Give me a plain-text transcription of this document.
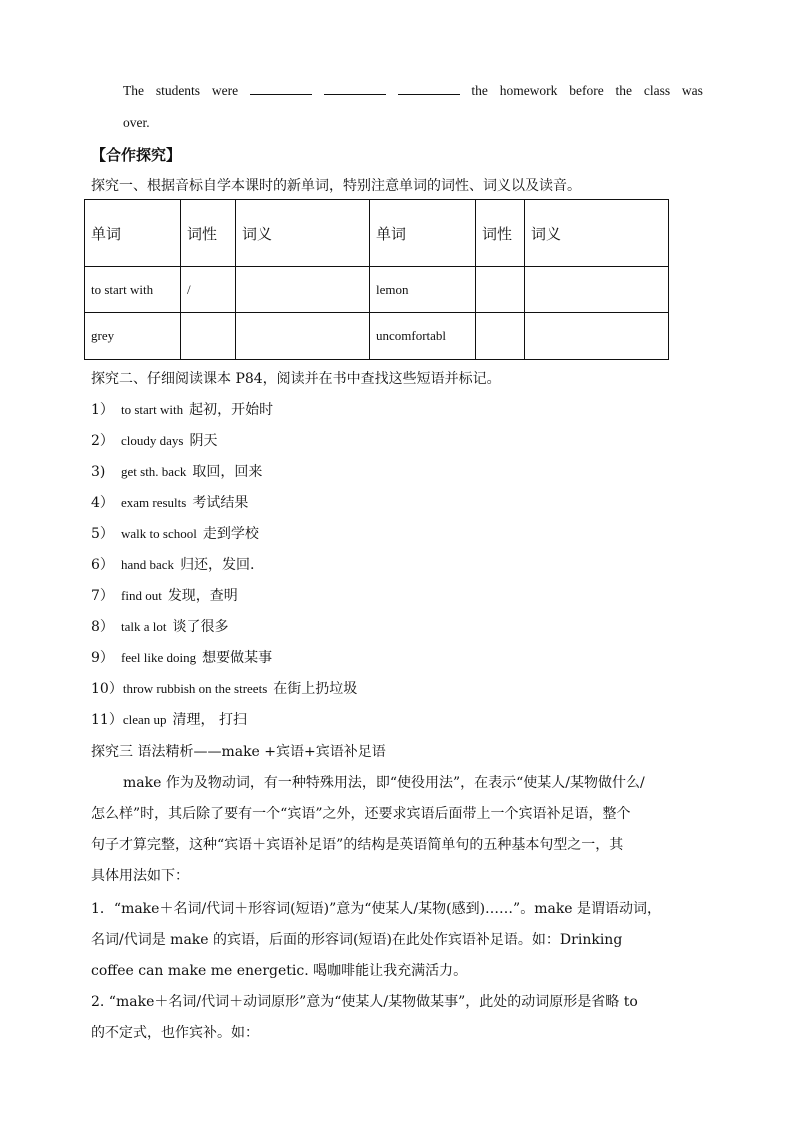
The students were	the homework before the class was
over.
【合作探究】
探究一、根据音标自学本课时的新单词，特别注意单词的词性、词义以及读音。
单词	词性	词义	单词	词性	词义
to start with	/		lemon		
grey			uncomfortabl		
探究二、仔细阅读课本 P84，阅读并在书中查找这些短语并标记。
1） to start with 起初，开始时
2） cloudy days 阴天
3) get sth. back 取回，回来
4） exam results 考试结果
5） walk to school 走到学校
6） hand back 归还，发回.
7） find out 发现，查明
8） talk a lot 谈了很多
9） feel like doing 想要做某事
10）throw rubbish on the streets 在街上扔垃圾
11）clean up 清理， 打扫
探究三 语法精析——make +宾语+宾语补足语
make 作为及物动词，有一种特殊用法，即“使役用法”，在表示“使某人/某物做什么/
怎么样”时，其后除了要有一个“宾语”之外，还要求宾语后面带上一个宾语补足语，整个
句子才算完整，这种“宾语＋宾语补足语”的结构是英语简单句的五种基本句型之一，其
具体用法如下：
1．“make＋名词/代词＋形容词(短语)”意为“使某人/某物(感到)……”。make 是谓语动词，
名词/代词是 make 的宾语，后面的形容词(短语)在此处作宾语补足语。如：Drinking
coffee can make me energetic. 喝咖啡能让我充满活力。
2. “make＋名词/代词＋动词原形”意为“使某人/某物做某事”，此处的动词原形是省略 to
的不定式，也作宾补。如：
